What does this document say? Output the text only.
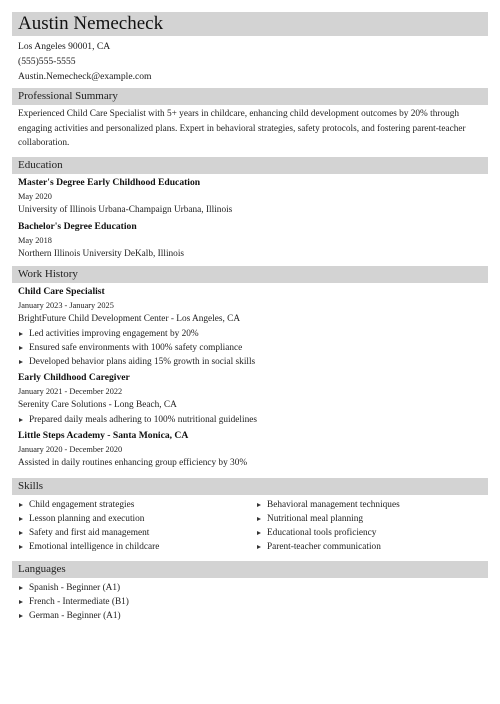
Austin Nemecheck
Los Angeles 90001, CA
(555)555-5555
Austin.Nemecheck@example.com
Professional Summary
Experienced Child Care Specialist with 5+ years in childcare, enhancing child development outcomes by 20% through engaging activities and personalized plans. Expert in behavioral strategies, safety protocols, and fostering parent-teacher collaboration.
Education
Master's Degree Early Childhood Education
May 2020
University of Illinois Urbana-Champaign Urbana, Illinois
Bachelor's Degree Education
May 2018
Northern Illinois University DeKalb, Illinois
Work History
Child Care Specialist
January 2023 - January 2025
BrightFuture Child Development Center - Los Angeles, CA
Led activities improving engagement by 20%
Ensured safe environments with 100% safety compliance
Developed behavior plans aiding 15% growth in social skills
Early Childhood Caregiver
January 2021 - December 2022
Serenity Care Solutions - Long Beach, CA
Prepared daily meals adhering to 100% nutritional guidelines
Little Steps Academy - Santa Monica, CA
January 2020 - December 2020
Assisted in daily routines enhancing group efficiency by 30%
Skills
Child engagement strategies
Lesson planning and execution
Safety and first aid management
Emotional intelligence in childcare
Behavioral management techniques
Nutritional meal planning
Educational tools proficiency
Parent-teacher communication
Languages
Spanish - Beginner (A1)
French - Intermediate (B1)
German - Beginner (A1)
